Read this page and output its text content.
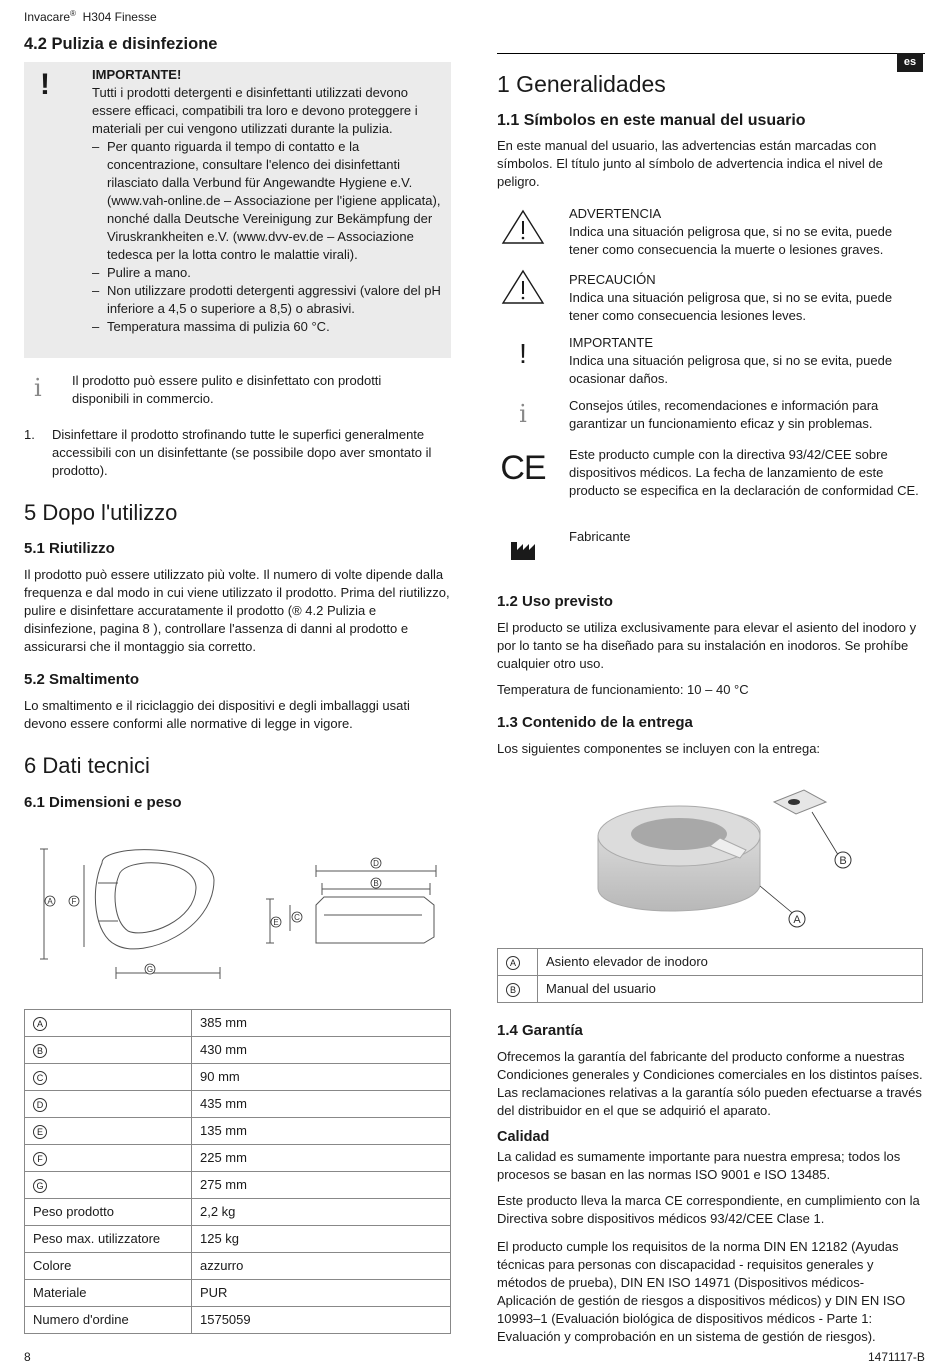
Invacare® H304 Finesse
4.2 Pulizia e disinfezione
!	IMPORTANTE!

Tutti i prodotti detergenti e disinfettanti utilizzati devono essere efficaci, compatibili tra loro e devono proteggere i materiali per cui vengono utilizzati durante la pulizia.

– Per quanto riguarda il tempo di contatto e la concentrazione, consultare l'elenco dei disinfettanti rilasciato dalla Verbund für Angewandte Hygiene e.V. (www.vah-online.de – Associazione per l'igiene applicata), nonché dalla Deutsche Vereinigung zur Bekämpfung der Viruskrankheiten e.V. (www.dvv-ev.de – Associazione tedesca per la lotta contro le malattie virali).
– Pulire a mano.
– Non utilizzare prodotti detergenti aggressivi (valore del pH inferiore a 4,5 o superiore a 8,5) o abrasivi.
– Temperatura massima di pulizia 60 °C.
i Il prodotto può essere pulito e disinfettato con prodotti disponibili in commercio.

1.	Disinfettare il prodotto strofinando tutte le superfici generalmente accessibili con un disinfettante (se possibile dopo aver smontato il prodotto).

5 Dopo l'utilizzo
5.1 Riutilizzo

Il prodotto può essere utilizzato più volte. Il numero di volte dipende dalla frequenza e dal modo in cui viene utilizzato il prodotto. Prima del riutilizzo, pulire e disinfettare accuratamente il prodotto (® 4.2 Pulizia e disinfezione, pagina 8 ), controllare l'assenza di danni al prodotto e assicurarsi che il montaggio sia corretto.

5.2 Smaltimento

Lo smaltimento e il riciclaggio dei dispositivi e degli imballaggi usati devono essere conformi alle normative di legge in vigore.

6 Dati tecnici
6.1 Dimensioni e peso
A F
G
D
B
E
C
A	385 mm
B	430 mm
C	90 mm
D	435 mm
E	135 mm
F	225 mm
G	275 mm
Peso prodotto	2,2 kg
Peso max. utilizzatore	125 kg
Colore	azzurro
Materiale	PUR
Numero d'ordine	1575059
es
1 Generalidades
1.1 Símbolos en este manual del usuario

En este manual del usuario, las advertencias están marcadas con símbolos. El título junto al símbolo de advertencia indica el nivel de peligro.

ADVERTENCIA
Indica una situación peligrosa que, si no se evita, puede tener como consecuencia la muerte o lesiones graves.
PRECAUCIÓN
Indica una situación peligrosa que, si no se evita, puede tener como consecuencia lesiones leves.
!	IMPORTANTE
Indica una situación peligrosa que, si no se evita, puede ocasionar daños.
i	Consejos útiles, recomendaciones e información para garantizar un funcionamiento eficaz y sin problemas.
CE Este producto cumple con la directiva 93/42/CEE sobre dispositivos médicos. La fecha de lanzamiento de este producto se especifica en la declaración de conformidad CE.
Fabricante
1.2 Uso previsto

El producto se utiliza exclusivamente para elevar el asiento del inodoro y por lo tanto se ha diseñado para su instalación en inodoros. Se prohíbe cualquier otro uso.

Temperatura de funcionamiento: 10 – 40 °C

1.3 Contenido de la entrega

Los siguientes componentes se incluyen con la entrega:

B
A
A	Asiento elevador de inodoro
B	Manual del usuario
1.4 Garantía

Ofrecemos la garantía del fabricante del producto conforme a nuestras Condiciones generales y Condiciones comerciales en los distintos países. Las reclamaciones relativas a la garantía sólo pueden efectuarse a través del distribuidor en el que se adquirió el aparato.

Calidad

La calidad es sumamente importante para nuestra empresa; todos los procesos se basan en las normas ISO 9001 e ISO 13485.

Este producto lleva la marca CE correspondiente, en cumplimiento con la Directiva sobre dispositivos médicos 93/42/CEE Clase 1.

El producto cumple los requisitos de la norma DIN EN 12182 (Ayudas técnicas para personas con discapacidad - requisitos generales y métodos de prueba), DIN EN ISO 14971 (Dispositivos médicos- Aplicación de gestión de riesgos a dispositivos médicos) y DIN EN ISO 10993–1 (Evaluación biológica de dispositivos médicos - Parte 1: Evaluación y comprobación en un sistema de gestión de riesgos).

8	1471117-B
